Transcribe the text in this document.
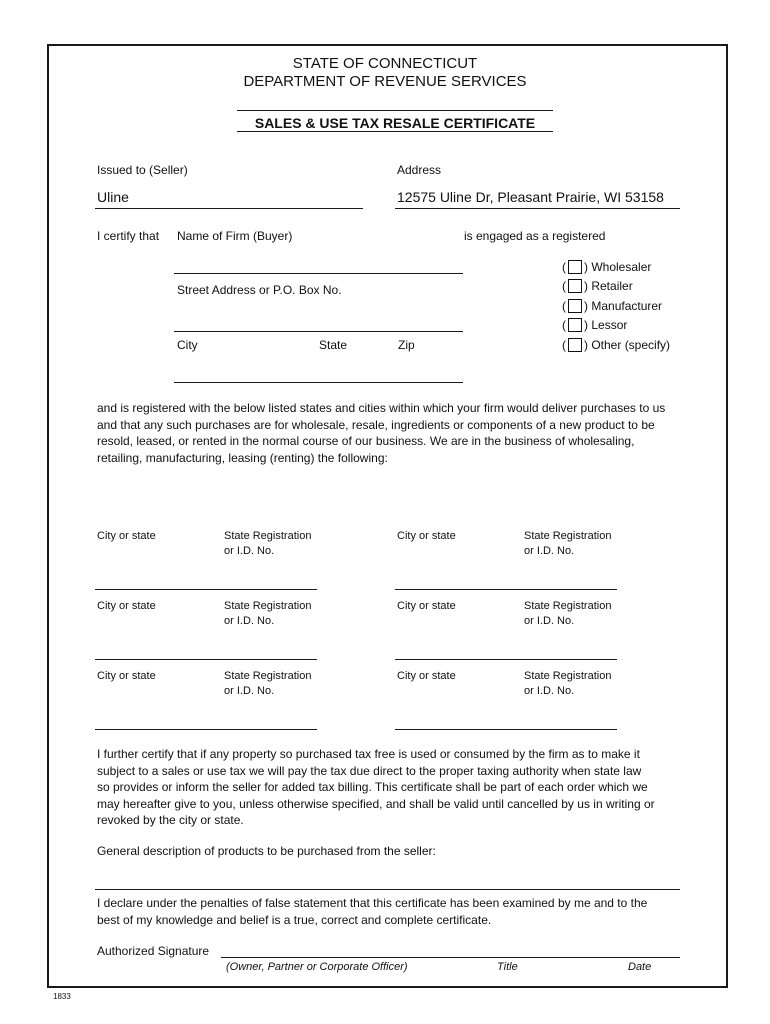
STATE OF CONNECTICUT
DEPARTMENT OF REVENUE SERVICES
SALES & USE TAX RESALE CERTIFICATE
Issued to (Seller)
Uline
Address
12575 Uline Dr, Pleasant Prairie, WI 53158
I certify that Name of Firm (Buyer)	is engaged as a registered
Street Address or P.O. Box No.
City	State	Zip
( ) Wholesaler
( ) Retailer
( ) Manufacturer
( ) Lessor
( ) Other (specify)
and is registered with the below listed states and cities within which your firm would deliver purchases to us and that any such purchases are for wholesale, resale, ingredients or components of a new product to be resold, leased, or rented in the normal course of our business. We are in the business of wholesaling, retailing, manufacturing, leasing (renting) the following:
City or state	State Registration
or I.D. No.
City or state	State Registration
or I.D. No.
City or state	State Registration
or I.D. No.
City or state	State Registration
or I.D. No.
City or state	State Registration
or I.D. No.
City or state	State Registration
or I.D. No.
I further certify that if any property so purchased tax free is used or consumed by the firm as to make it subject to a sales or use tax we will pay the tax due direct to the proper taxing authority when state law so provides or inform the seller for added tax billing. This certificate shall be part of each order which we may hereafter give to you, unless otherwise specified, and shall be valid until cancelled by us in writing or revoked by the city or state.
General description of products to be purchased from the seller:
I declare under the penalties of false statement that this certificate has been examined by me and to the best of my knowledge and belief is a true, correct and complete certificate.
Authorized Signature
(Owner, Partner or Corporate Officer)	Title	Date
1833
